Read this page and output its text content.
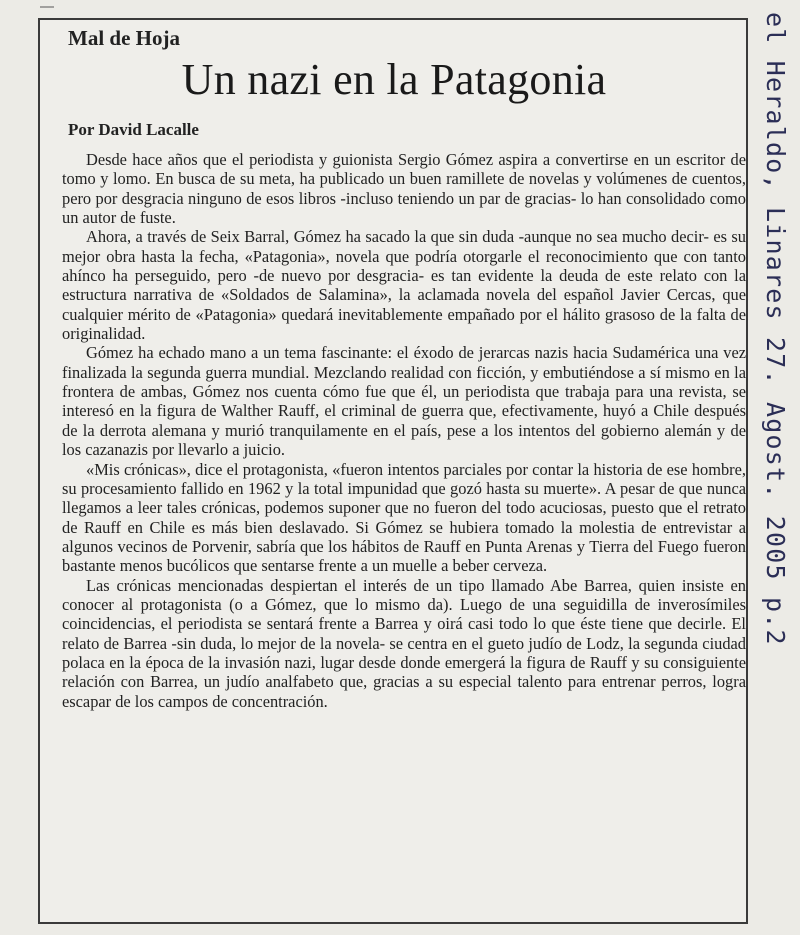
Mal de Hoja
Un nazi en la Patagonia
Por David Lacalle

Desde hace años que el periodista y guionista Sergio Gómez aspira a convertirse en un escritor de tomo y lomo. En busca de su meta, ha publicado un buen ramillete de novelas y volúmenes de cuentos, pero por desgracia ninguno de esos libros -incluso teniendo un par de gracias- lo han consolidado como un autor de fuste.

Ahora, a través de Seix Barral, Gómez ha sacado la que sin duda -aunque no sea mucho decir- es su mejor obra hasta la fecha, «Patagonia», novela que podría otorgarle el reconocimiento que con tanto ahínco ha perseguido, pero -de nuevo por desgracia- es tan evidente la deuda de este relato con la estructura narrativa de «Soldados de Salamina», la aclamada novela del español Javier Cercas, que cualquier mérito de «Patagonia» quedará inevitablemente empañado por el hálito grasoso de la falta de originalidad.

Gómez ha echado mano a un tema fascinante: el éxodo de jerarcas nazis hacia Sudamérica una vez finalizada la segunda guerra mundial. Mezclando realidad con ficción, y embutiéndose a sí mismo en la frontera de ambas, Gómez nos cuenta cómo fue que él, un periodista que trabaja para una revista, se interesó en la figura de Walther Rauff, el criminal de guerra que, efectivamente, huyó a Chile después de la derrota alemana y murió tranquilamente en el país, pese a los intentos del gobierno alemán y de los cazanazis por llevarlo a juicio.

«Mis crónicas», dice el protagonista, «fueron intentos parciales por contar la historia de ese hombre, su procesamiento fallido en 1962 y la total impunidad que gozó hasta su muerte». A pesar de que nunca llegamos a leer tales crónicas, podemos suponer que no fueron del todo acuciosas, puesto que el retrato de Rauff en Chile es más bien deslavado. Si Gómez se hubiera tomado la molestia de entrevistar a algunos vecinos de Porvenir, sabría que los hábitos de Rauff en Punta Arenas y Tierra del Fuego fueron bastante menos bucólicos que sentarse frente a un muelle a beber cerveza.

Las crónicas mencionadas despiertan el interés de un tipo llamado Abe Barrea, quien insiste en conocer al protagonista (o a Gómez, que lo mismo da). Luego de una seguidilla de inverosímiles coincidencias, el periodista se sentará frente a Barrea y oirá casi todo lo que éste tiene que decirle. El relato de Barrea -sin duda, lo mejor de la novela- se centra en el gueto judío de Lodz, la segunda ciudad polaca en la época de la invasión nazi, lugar desde donde emergerá la figura de Rauff y su consiguiente relación con Barrea, un judío analfabeto que, gracias a su especial talento para entrenar perros, logra escapar de los campos de concentración.

el Heraldo, Linares 27. Agost. 2005 p.2
